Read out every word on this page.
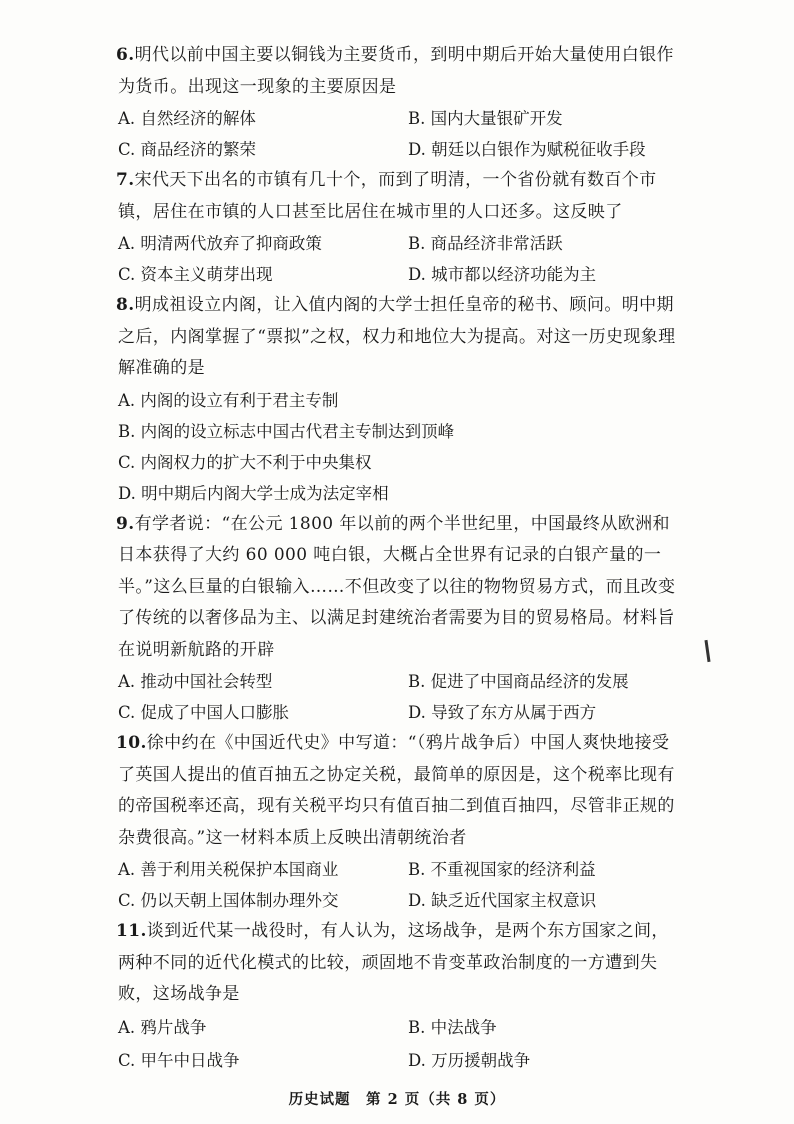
6.明代以前中国主要以铜钱为主要货币，到明中期后开始大量使用白银作为货币。出现这一现象的主要原因是

A. 自然经济的解体	B. 国内大量银矿开发
C. 商品经济的繁荣	D. 朝廷以白银作为赋税征收手段

7.宋代天下出名的市镇有几十个，而到了明清，一个省份就有数百个市镇，居住在市镇的人口甚至比居住在城市里的人口还多。这反映了

A. 明清两代放弃了抑商政策	B. 商品经济非常活跃
C. 资本主义萌芽出现	D. 城市都以经济功能为主

8.明成祖设立内阁，让入值内阁的大学士担任皇帝的秘书、顾问。明中期之后，内阁掌握了“票拟”之权，权力和地位大为提高。对这一历史现象理解准确的是

A. 内阁的设立有利于君主专制
B. 内阁的设立标志中国古代君主专制达到顶峰
C. 内阁权力的扩大不利于中央集权
D. 明中期后内阁大学士成为法定宰相

9.有学者说：“在公元 1800 年以前的两个半世纪里，中国最终从欧洲和日本获得了大约 60 000 吨白银，大概占全世界有记录的白银产量的一半。”这么巨量的白银输入……不但改变了以往的物物贸易方式，而且改变了传统的以奢侈品为主、以满足封建统治者需要为目的贸易格局。材料旨在说明新航路的开辟

A. 推动中国社会转型	B. 促进了中国商品经济的发展
C. 促成了中国人口膨胀	D. 导致了东方从属于西方

10.徐中约在《中国近代史》中写道：“（鸦片战争后）中国人爽快地接受了英国人提出的值百抽五之协定关税，最简单的原因是，这个税率比现有的帝国税率还高，现有关税平均只有值百抽二到值百抽四，尽管非正规的杂费很高。”这一材料本质上反映出清朝统治者

A. 善于利用关税保护本国商业	B. 不重视国家的经济利益
C. 仍以天朝上国体制办理外交	D. 缺乏近代国家主权意识

11.谈到近代某一战役时，有人认为，这场战争，是两个东方国家之间，两种不同的近代化模式的比较，顽固地不肯变革政治制度的一方遭到失败，这场战争是

A. 鸦片战争	B. 中法战争
C. 甲午中日战争	D. 万历援朝战争
历史试题　第 2 页（共 8 页）
